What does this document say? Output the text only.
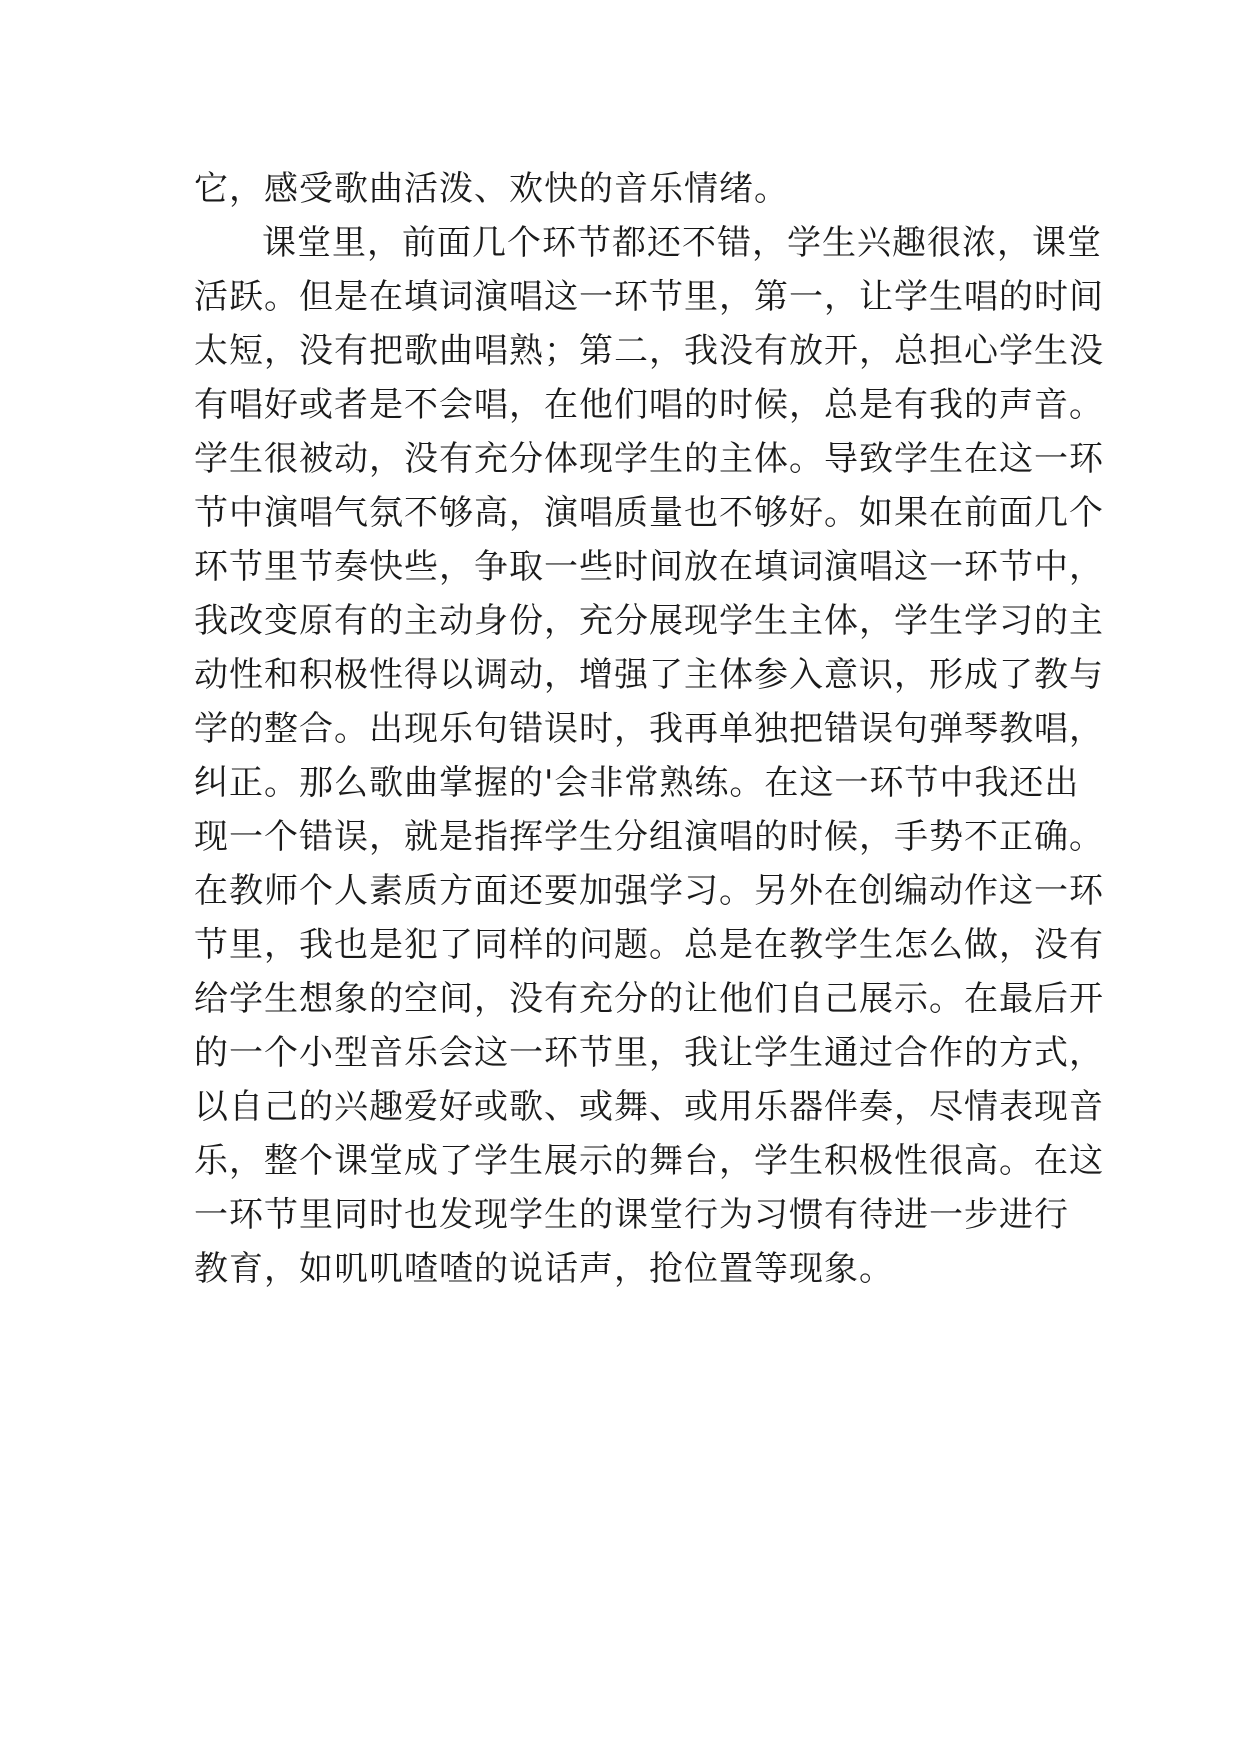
它，感受歌曲活泼、欢快的音乐情绪。
课堂里，前面几个环节都还不错，学生兴趣很浓，课堂
活跃。但是在填词演唱这一环节里，第一，让学生唱的时间
太短，没有把歌曲唱熟；第二，我没有放开，总担心学生没
有唱好或者是不会唱，在他们唱的时候，总是有我的声音。
学生很被动，没有充分体现学生的主体。导致学生在这一环
节中演唱气氛不够高，演唱质量也不够好。如果在前面几个
环节里节奏快些，争取一些时间放在填词演唱这一环节中，
我改变原有的主动身份，充分展现学生主体，学生学习的主
动性和积极性得以调动，增强了主体参入意识，形成了教与
学的整合。出现乐句错误时，我再单独把错误句弹琴教唱，
纠正。那么歌曲掌握的'会非常熟练。在这一环节中我还出
现一个错误，就是指挥学生分组演唱的时候，手势不正确。
在教师个人素质方面还要加强学习。另外在创编动作这一环
节里，我也是犯了同样的问题。总是在教学生怎么做，没有
给学生想象的空间，没有充分的让他们自己展示。在最后开
的一个小型音乐会这一环节里，我让学生通过合作的方式，
以自己的兴趣爱好或歌、或舞、或用乐器伴奏，尽情表现音
乐，整个课堂成了学生展示的舞台，学生积极性很高。在这
一环节里同时也发现学生的课堂行为习惯有待进一步进行
教育，如叽叽喳喳的说话声，抢位置等现象。
